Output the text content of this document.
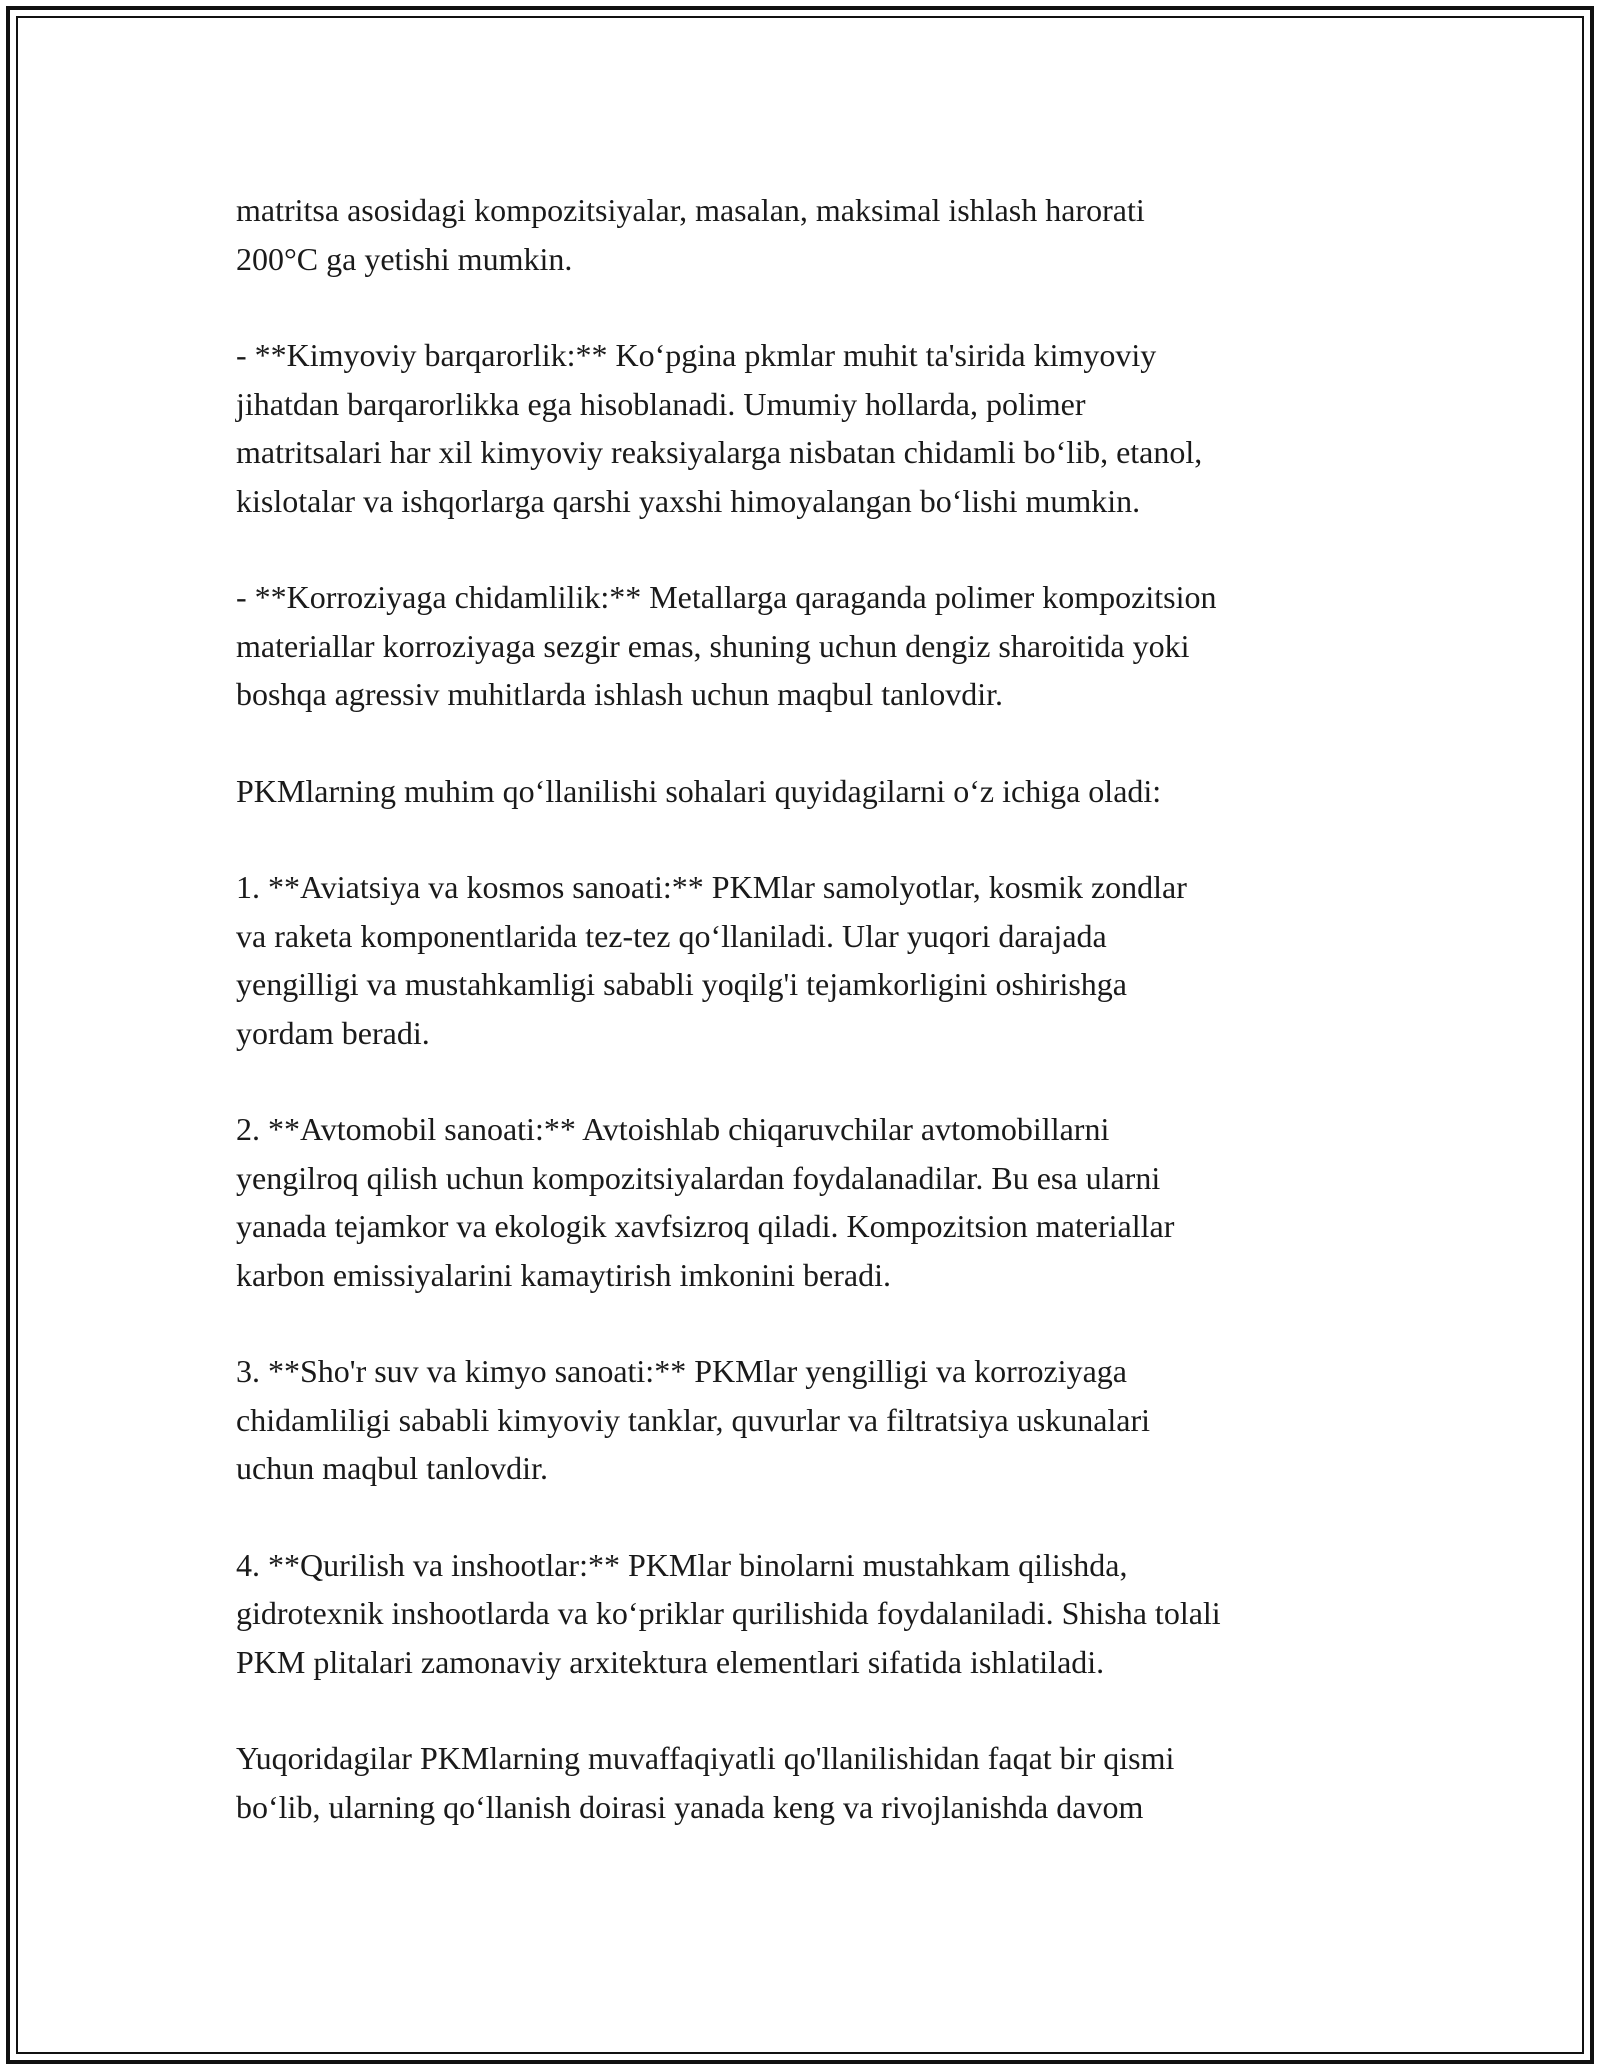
matritsa asosidagi kompozitsiyalar, masalan, maksimal ishlash harorati
200°C ga yetishi mumkin.

- **Kimyoviy barqarorlik:** Ko‘pgina pkmlar muhit ta'sirida kimyoviy
jihatdan barqarorlikka ega hisoblanadi. Umumiy hollarda, polimer
matritsalari har xil kimyoviy reaksiyalarga nisbatan chidamli bo‘lib, etanol,
kislotalar va ishqorlarga qarshi yaxshi himoyalangan bo‘lishi mumkin.

- **Korroziyaga chidamlilik:** Metallarga qaraganda polimer kompozitsion
materiallar korroziyaga sezgir emas, shuning uchun dengiz sharoitida yoki
boshqa agressiv muhitlarda ishlash uchun maqbul tanlovdir.

PKMlarning muhim qo‘llanilishi sohalari quyidagilarni o‘z ichiga oladi:

1. **Aviatsiya va kosmos sanoati:** PKMlar samolyotlar, kosmik zondlar
va raketa komponentlarida tez-tez qo‘llaniladi. Ular yuqori darajada
yengilligi va mustahkamligi sababli yoqilg'i tejamkorligini oshirishga
yordam beradi.

2. **Avtomobil sanoati:** Avtoishlab chiqaruvchilar avtomobillarni
yengilroq qilish uchun kompozitsiyalardan foydalanadilar. Bu esa ularni
yanada tejamkor va ekologik xavfsizroq qiladi. Kompozitsion materiallar
karbon emissiyalarini kamaytirish imkonini beradi.

3. **Sho'r suv va kimyo sanoati:** PKMlar yengilligi va korroziyaga
chidamliligi sababli kimyoviy tanklar, quvurlar va filtratsiya uskunalari
uchun maqbul tanlovdir.

4. **Qurilish va inshootlar:** PKMlar binolarni mustahkam qilishda,
gidrotexnik inshootlarda va ko‘priklar qurilishida foydalaniladi. Shisha tolali
PKM plitalari zamonaviy arxitektura elementlari sifatida ishlatiladi.

Yuqoridagilar PKMlarning muvaffaqiyatli qo'llanilishidan faqat bir qismi
bo‘lib, ularning qo‘llanish doirasi yanada keng va rivojlanishda davom
